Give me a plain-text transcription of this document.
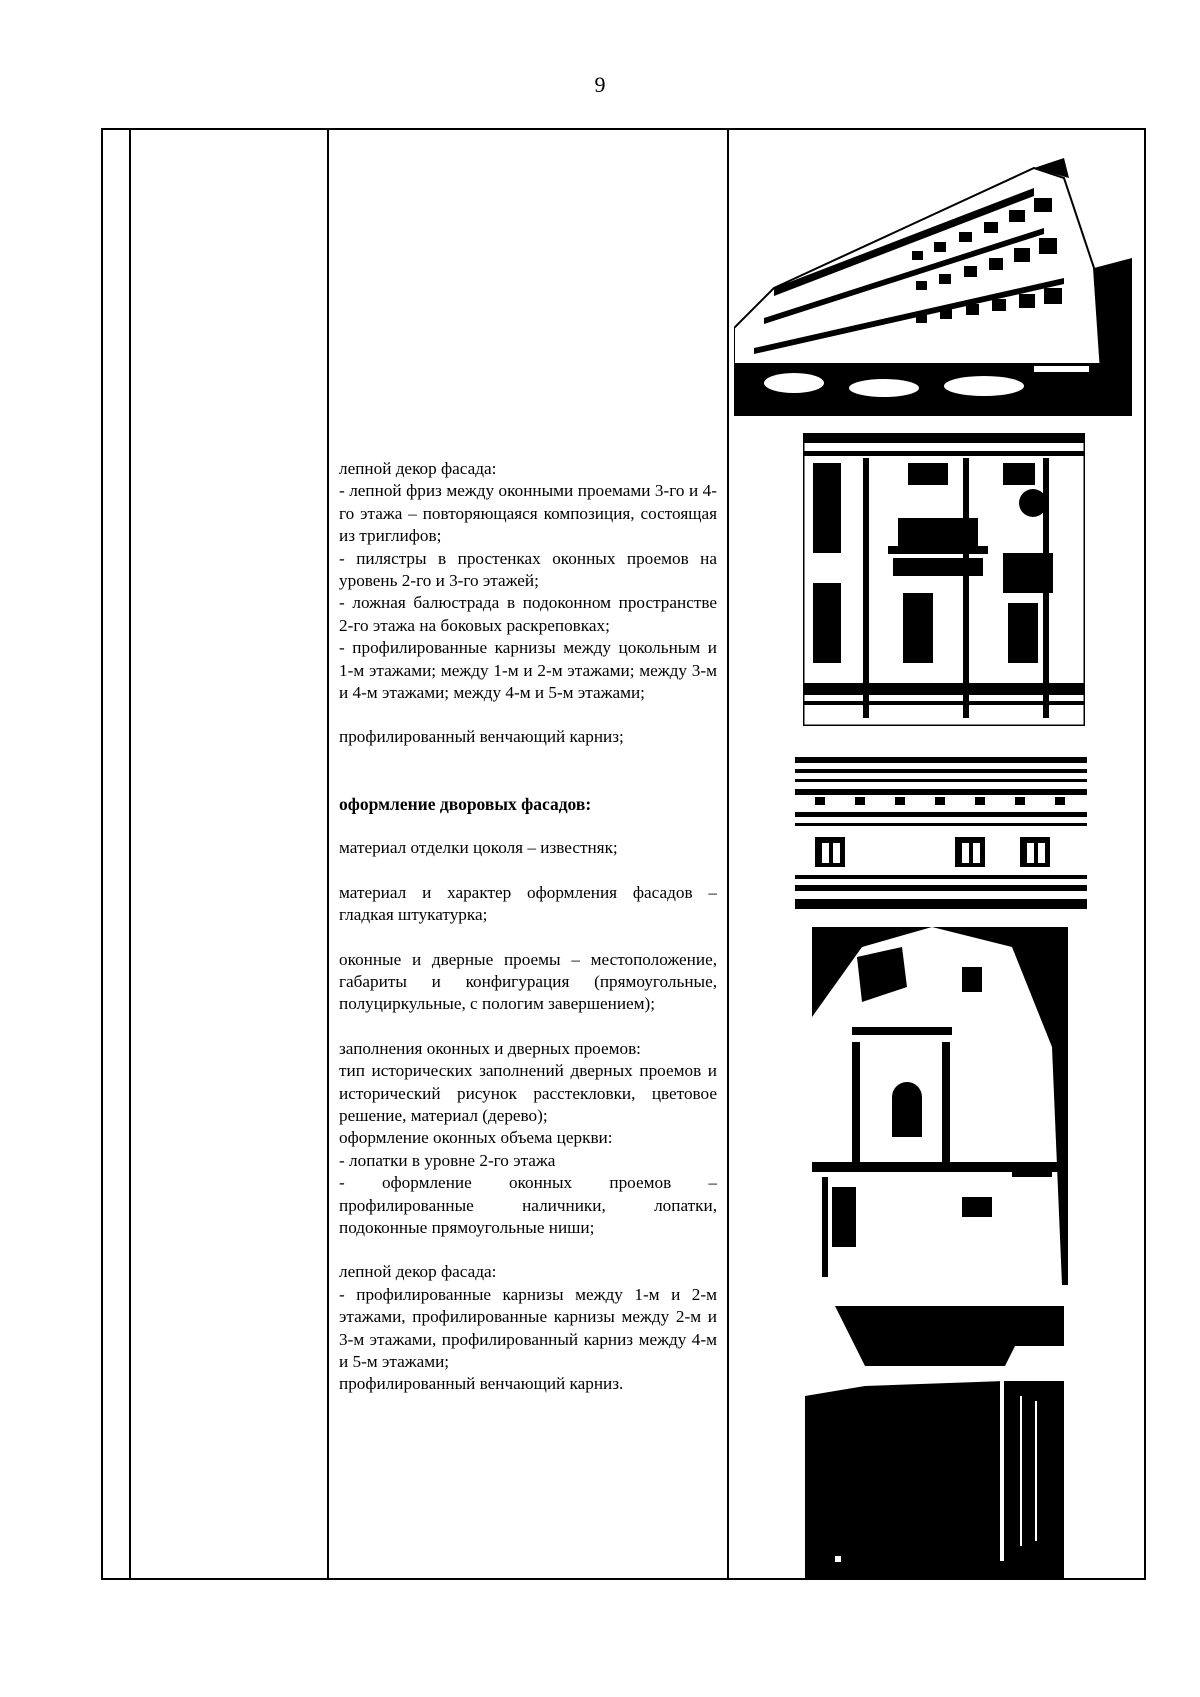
9

лепной декор фасада:

- лепной фриз между оконными проемами 3-го и 4-го этажа – повторяющаяся композиция, состоящая из триглифов;

- пилястры в простенках оконных проемов на уровень 2-го и 3-го этажей;

- ложная балюстрада в подоконном пространстве 2-го этажа на боковых раскреповках;

- профилированные карнизы между цокольным и 1-м этажами; между 1-м и 2-м этажами; между 3-м и 4-м этажами; между 4-м и 5-м этажами;

профилированный венчающий карниз;

оформление дворовых фасадов:

материал отделки цоколя – известняк;

материал и характер оформления фасадов – гладкая штукатурка;

оконные и дверные проемы – местоположение, габариты и конфигурация (прямоугольные, полуциркульные, с пологим завершением);

заполнения оконных и дверных проемов:

тип исторических заполнений дверных проемов и исторический рисунок расстекловки, цветовое решение, материал (дерево);

оформление оконных объема церкви:

- лопатки в уровне 2-го этажа

- оформление оконных проемов – профилированные наличники, лопатки, подоконные прямоугольные ниши;

лепной декор фасада:

- профилированные карнизы между 1-м и 2-м этажами, профилированные карнизы между 2-м и 3-м этажами, профилированный карниз между 4-м и 5-м этажами;

профилированный венчающий карниз.
